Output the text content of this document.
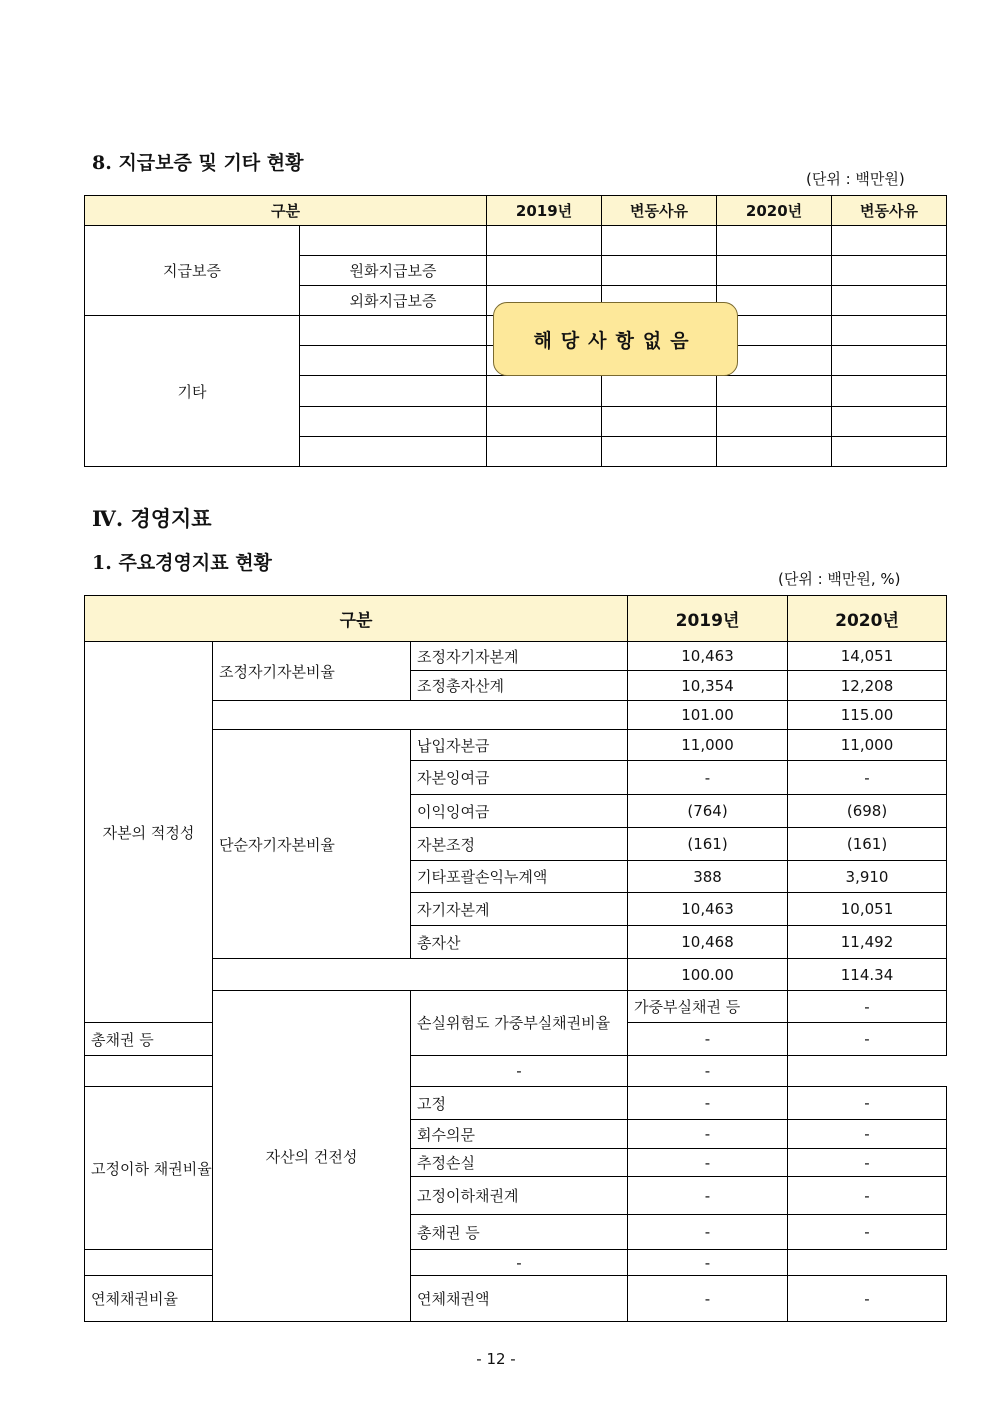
8. 지급보증 및 기타 현황
(단위 : 백만원)
구분		2019년	변동사유	2020년	변동사유
지급보증					
	원화지급보증				
	외화지급보증				
기타					

해당사항없음
Ⅳ. 경영지표
1. 주요경영지표 현황
(단위 : 백만원, %)
구분			2019년	2020년	
자본의 적정성	조정자기자본비율	조정자기자본계	10,463	14,051	
		조정총자산계	10,354	12,208	
			101.00	115.00	
	단순자기자본비율	납입자본금	11,000	11,000	
		자본잉여금	-	-	
		이익잉여금	(764)	(698)	
		자본조정	(161)	(161)	
		기타포괄손익누계액	388	3,910	
		자기자본계	10,463	10,051	
		총자산	10,468	11,492	
			100.00	114.34	
	자산의 건전성	손실위험도 가중부실채권비율	가중부실채권 등	-	
총채권 등			-	-	
		-	-		
고정이하 채권비율		고정	-	-	
		회수의문	-	-	
		추정손실	-	-	
		고정이하채권계	-	-	
		총채권 등	-	-	
		-	-		
연체채권비율		연체채권액	-	-	
- 12 -
